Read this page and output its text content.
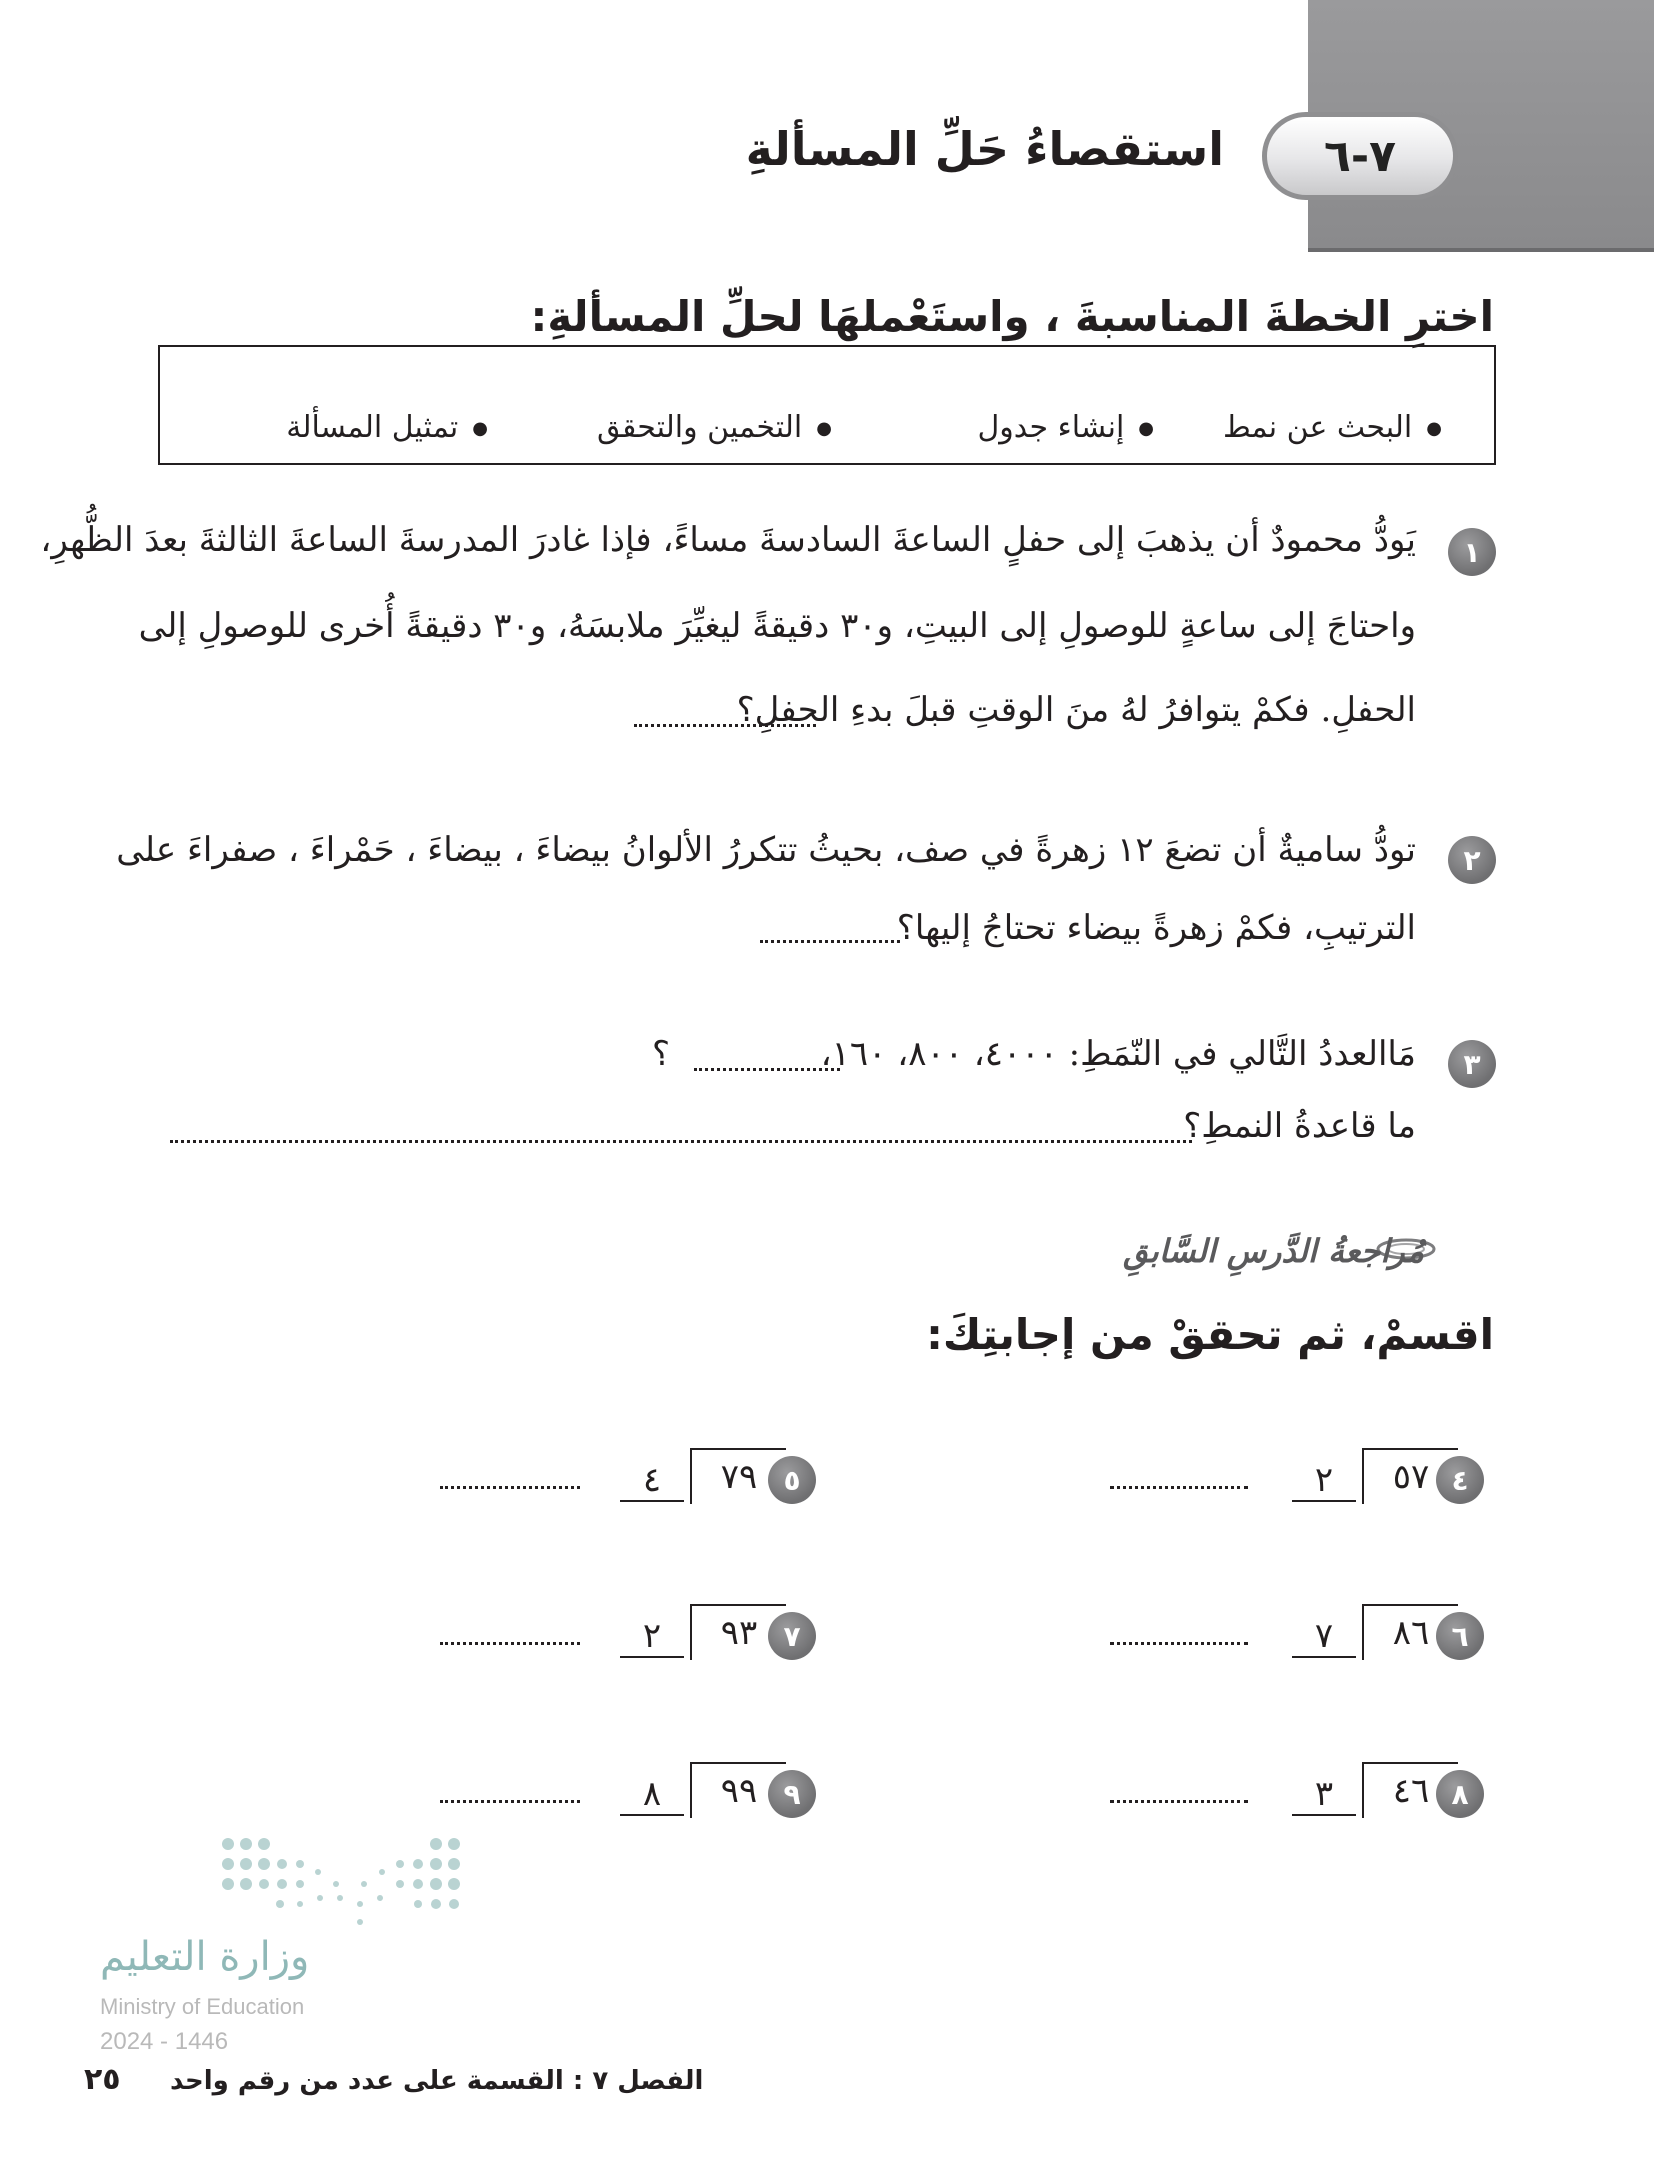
٧-٦
استقصاءُ حَلِّ المسألةِ
اخترِ الخطةَ المناسبةَ ، واستَعْملهَا لحلِّ المسألةِ:
●البحث عن نمط
●إنشاء جدول
●التخمين والتحقق
●تمثيل المسألة
١
يَودُّ محمودٌ أن يذهبَ إلى حفلٍ الساعةَ السادسةَ مساءً، فإذا غادرَ المدرسةَ الساعةَ الثالثةَ بعدَ الظُّهرِ،
واحتاجَ إلى ساعةٍ للوصولِ إلى البيتِ، و٣٠ دقيقةً ليغيِّرَ ملابسَهُ، و٣٠ دقيقةً أُخرى للوصولِ إلى
الحفلِ. فكمْ يتوافرُ لهُ منَ الوقتِ قبلَ بدءِ الحفلِ؟
٢
تودُّ ساميةٌ أن تضعَ ١٢ زهرةً في صف، بحيثُ تتكررُ الألوانُ بيضاءَ ، بيضاءَ ، حَمْراءَ ، صفراءَ على
الترتيبِ، فكمْ زهرةً بيضاء تحتاجُ إليها؟
٣
مَاالعددُ التَّالي في النّمَطِ: ٤٠٠٠، ٨٠٠، ١٦٠،
؟
ما قاعدةُ النمطِ؟
مُراجعةُ الدَّرسِ السَّابقِ
اقسمْ، ثم تحققْ من إجابتِكَ:
٤
٢	٥٧
٥
٤	٧٩
٦
٧	٨٦
٧
٢	٩٣
٨
٣	٤٦
٩
٨	٩٩
وزارة التعليم
Ministry of Education
2024 - 1446
الفصل ٧ : القسمة على عدد من رقم واحد
٢٥
